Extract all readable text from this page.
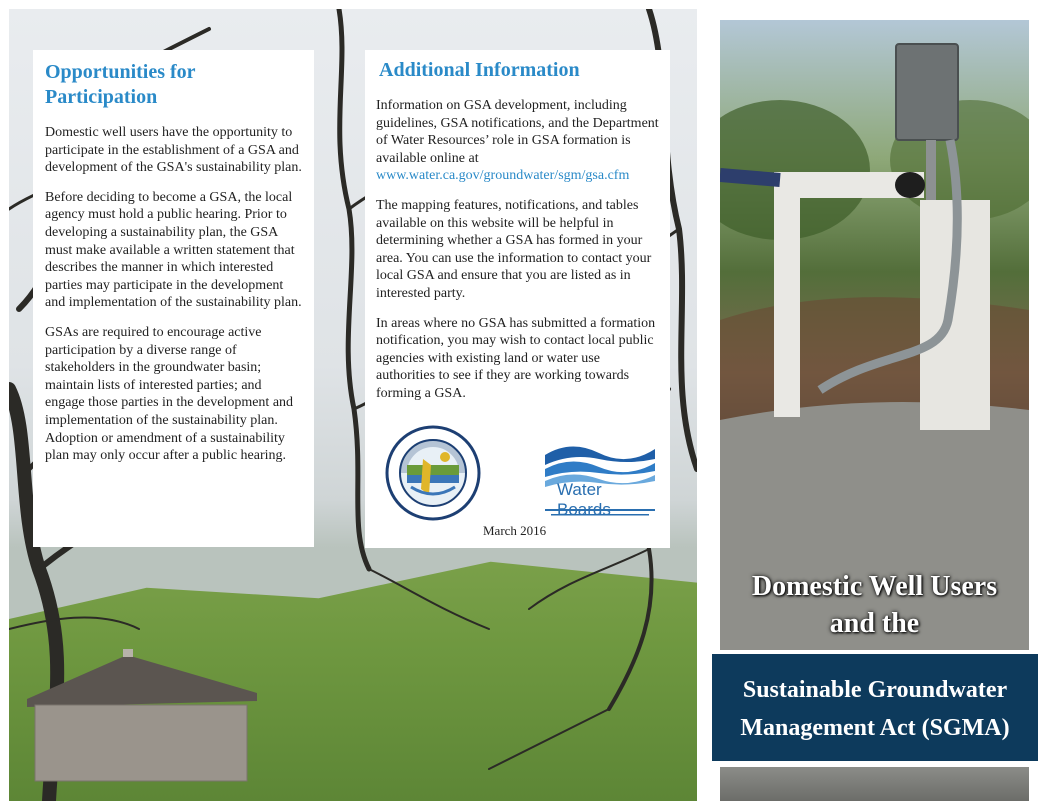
Opportunities for
Participation

Domestic well users have the opportunity to participate in the establishment of a GSA and development of the GSA's sustainability plan.

Before deciding to become a GSA, the local agency must hold a public hearing. Prior to developing a sustainability plan, the GSA must make available a written statement that describes the manner in which interested parties may participate in the development and implementation of the sustainability plan.

GSAs are required to encourage active participation by a diverse range of stakeholders in the groundwater basin; maintain lists of interested parties; and engage those parties in the development and implementation of the sustainability plan. Adoption or amendment of a sustainability plan may only occur after a public hearing.

Additional Information

Information on GSA development, including guidelines, GSA notifications, and the Department of Water Resources’ role in GSA formation is available online at www.water.ca.gov/groundwater/sgm/gsa.cfm

The mapping features, notifications, and tables available on this website will be helpful in determining whether a GSA has formed in your area. You can use the information to contact your local GSA and ensure that you are listed as in interested party.

In areas where no GSA has submitted a formation notification, you may wish to contact local public agencies with existing land or water use authorities to see if they are working towards forming a GSA.

Water Boards
March 2016
Domestic Well Users
and the
Sustainable Groundwater
Management Act (SGMA)
